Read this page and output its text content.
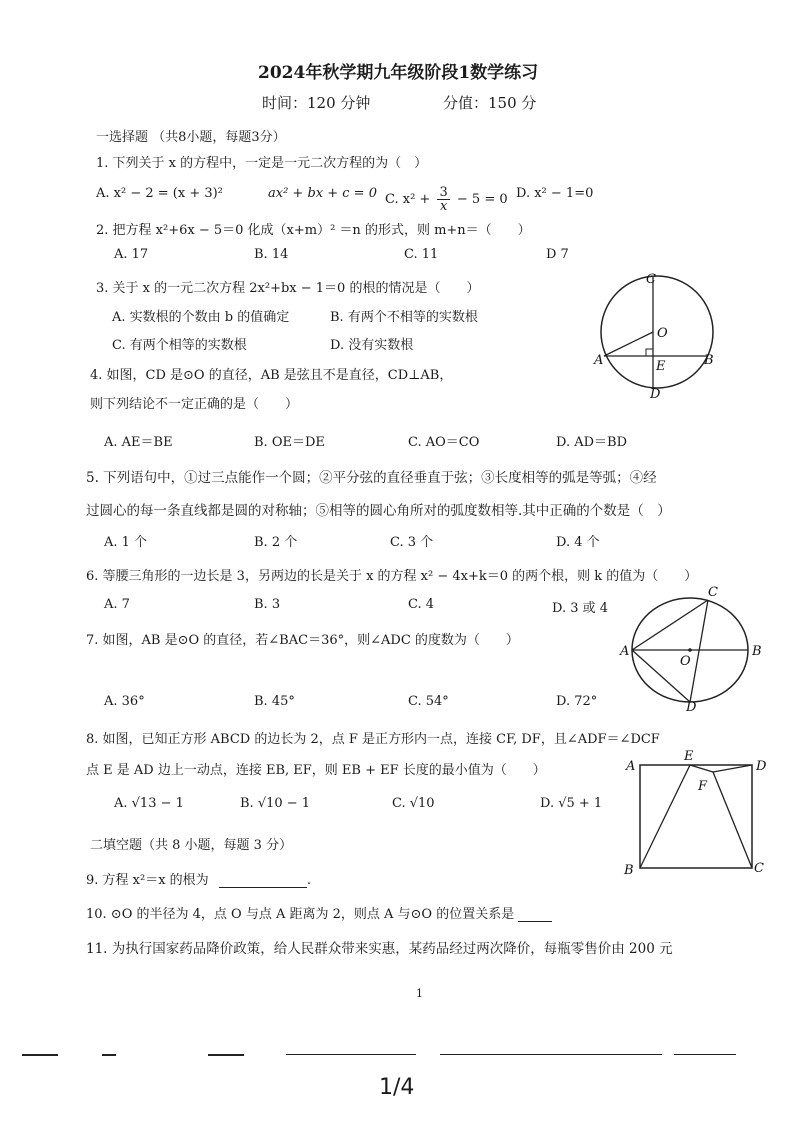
2024年秋学期九年级阶段1数学练习
时间：120 分钟	分值：150 分
一选择题 （共8小题，每题3分）
1. 下列关于 x 的方程中，一定是一元二次方程的为（　）
A. x² − 2 = (x + 3)²	ax² + bx + c = 0 C. $x^2 + \frac{3}{x} - 5 = 0$ D. x² − 1=0
2. 把方程 x²+6x − 5＝0 化成（x+m）² ＝n 的形式，则 m+n＝（　　）
A. 17	B. 14	C. 11	D 7
3. 关于 x 的一元二次方程 2x²+bx − 1＝0 的根的情况是（　　）
A. 实数根的个数由 b 的值确定	B. 有两个不相等的实数根
C. 有两个相等的实数根	D. 没有实数根
4. 如图，CD 是⊙O 的直径，AB 是弦且不是直径，CD⊥AB，
则下列结论不一定正确的是（　　）
A. AE＝BE	B. OE＝DE	C. AO＝CO	D. AD＝BD
C
O
A	B
E
D
5. 下列语句中，①过三点能作一个圆；②平分弦的直径垂直于弦；③长度相等的弧是等弧；④经
过圆心的每一条直线都是圆的对称轴；⑤相等的圆心角所对的弧度数相等.其中正确的个数是（　）
A. 1 个	B. 2 个	C. 3 个	D. 4 个
6. 等腰三角形的一边长是 3，另两边的长是关于 x 的方程 x² − 4x+k＝0 的两个根，则 k 的值为（　　）
A. 7	B. 3	C. 4	D. 3 或 4
7. 如图，AB 是⊙O 的直径，若∠BAC＝36°，则∠ADC 的度数为（　　）
A. 36°	B. 45°	C. 54°	D. 72°
C
A	B
O
D
8. 如图，已知正方形 ABCD 的边长为 2，点 F 是正方形内一点，连接 CF, DF，且∠ADF＝∠DCF
点 E 是 AD 边上一动点，连接 EB, EF，则 EB + EF 长度的最小值为（　　）
A. √13 − 1	B. √10 − 1	C. √10	D. √5 + 1
A
E
D
F
B	C
二填空题（共 8 小题，每题 3 分）
9. 方程 x²＝x 的根为	.
10. ⊙O 的半径为 4，点 O 与点 A 距离为 2，则点 A 与⊙O 的位置关系是
11. 为执行国家药品降价政策，给人民群众带来实惠，某药品经过两次降价，每瓶零售价由 200 元
1
1/4
